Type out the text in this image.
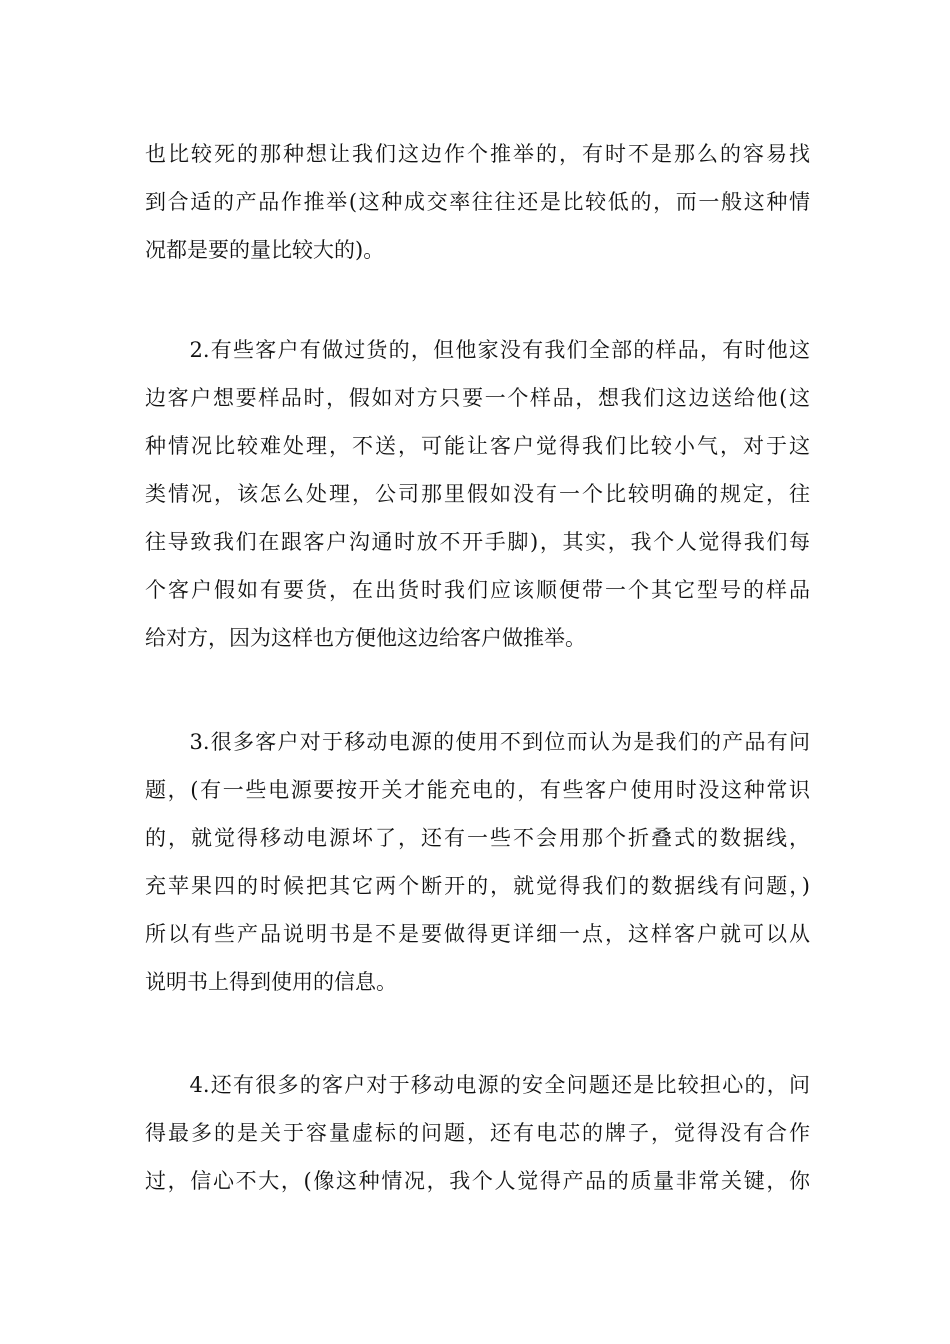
也比较死的那种想让我们这边作个推举的，有时不是那么的容易找
到合适的产品作推举(这种成交率往往还是比较低的，而一般这种情
况都是要的量比较大的)。
　　2.有些客户有做过货的，但他家没有我们全部的样品，有时他这
边客户想要样品时，假如对方只要一个样品，想我们这边送给他(这
种情况比较难处理，不送，可能让客户觉得我们比较小气，对于这
类情况，该怎么处理，公司那里假如没有一个比较明确的规定，往
往导致我们在跟客户沟通时放不开手脚)，其实，我个人觉得我们每
个客户假如有要货，在出货时我们应该顺便带一个其它型号的样品
给对方，因为这样也方便他这边给客户做推举。
　　3.很多客户对于移动电源的使用不到位而认为是我们的产品有问
题，(有一些电源要按开关才能充电的，有些客户使用时没这种常识
的，就觉得移动电源坏了，还有一些不会用那个折叠式的数据线，
充苹果四的时候把其它两个断开的，就觉得我们的数据线有问题，)
所以有些产品说明书是不是要做得更详细一点，这样客户就可以从
说明书上得到使用的信息。
　　4.还有很多的客户对于移动电源的安全问题还是比较担心的，问
得最多的是关于容量虚标的问题，还有电芯的牌子，觉得没有合作
过，信心不大，(像这种情况，我个人觉得产品的质量非常关键，你
